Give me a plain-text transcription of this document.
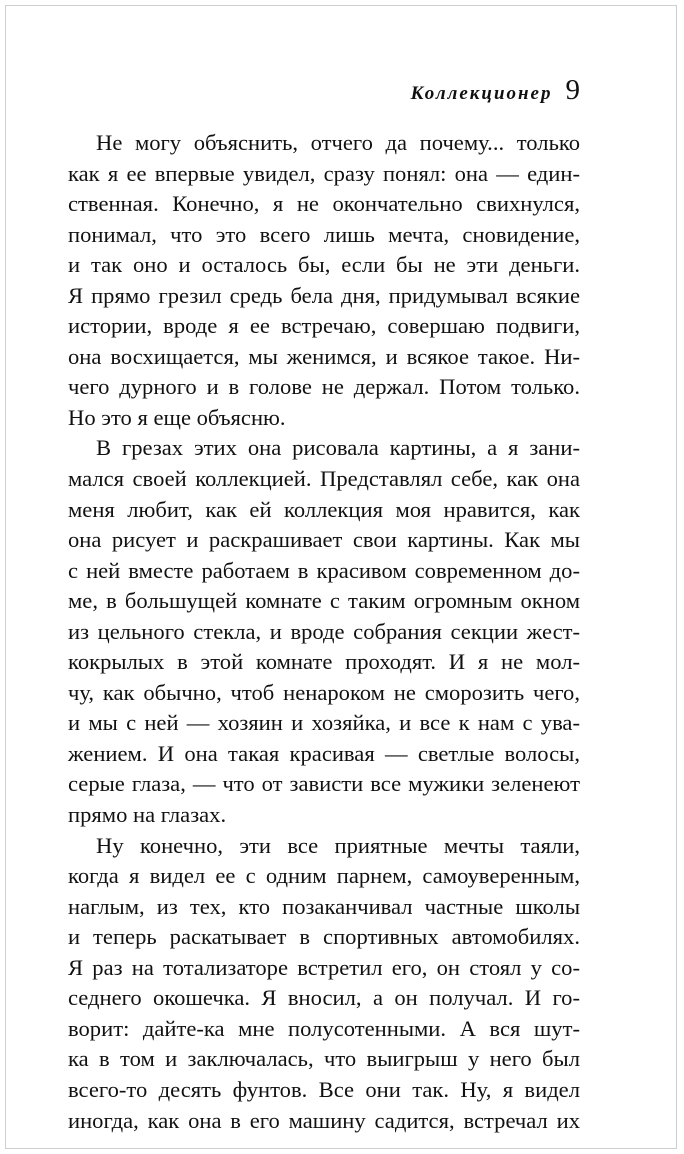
Коллекционер 9
Не могу объяснить, отчего да почему... только
как я ее впервые увидел, сразу понял: она — един-
ственная. Конечно, я не окончательно свихнулся,
понимал, что это всего лишь мечта, сновидение,
и так оно и осталось бы, если бы не эти деньги.
Я прямо грезил средь бела дня, придумывал всякие
истории, вроде я ее встречаю, совершаю подвиги,
она восхищается, мы женимся, и всякое такое. Ни-
чего дурного и в голове не держал. Потом только.
Но это я еще объясню.
В грезах этих она рисовала картины, а я зани-
мался своей коллекцией. Представлял себе, как она
меня любит, как ей коллекция моя нравится, как
она рисует и раскрашивает свои картины. Как мы
с ней вместе работаем в красивом современном до-
ме, в большущей комнате с таким огромным окном
из цельного стекла, и вроде собрания секции жест-
кокрылых в этой комнате проходят. И я не мол-
чу, как обычно, чтоб ненароком не сморозить чего,
и мы с ней — хозяин и хозяйка, и все к нам с ува-
жением. И она такая красивая — светлые волосы,
серые глаза, — что от зависти все мужики зеленеют
прямо на глазах.
Ну конечно, эти все приятные мечты таяли,
когда я видел ее с одним парнем, самоуверенным,
наглым, из тех, кто позаканчивал частные школы
и теперь раскатывает в спортивных автомобилях.
Я раз на тотализаторе встретил его, он стоял у со-
седнего окошечка. Я вносил, а он получал. И го-
ворит: дайте-ка мне полусотенными. А вся шут-
ка в том и заключалась, что выигрыш у него был
всего-то десять фунтов. Все они так. Ну, я видел
иногда, как она в его машину садится, встречал их
